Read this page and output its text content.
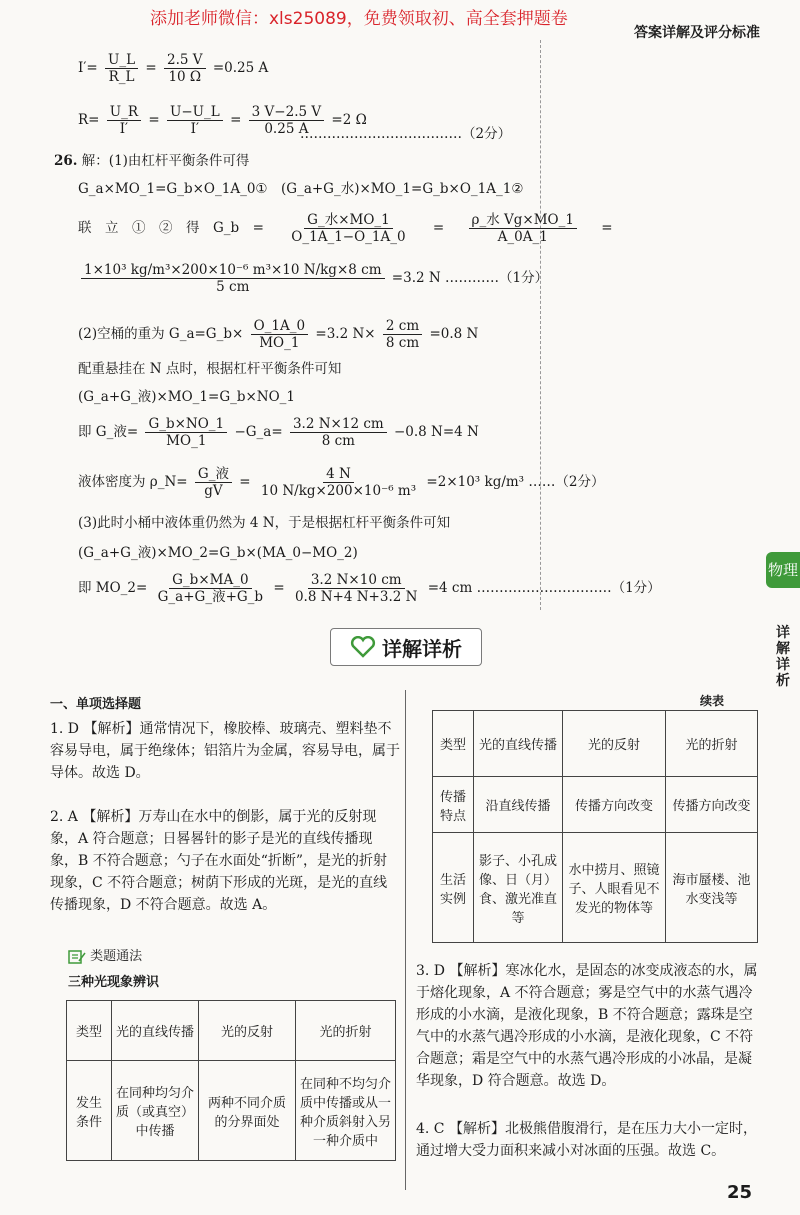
添加老师微信：xls25089，免费领取初、高全套押题卷
答案详解及评分标准
$I'= \frac{U\_L}{R\_L} = \frac{2.5 V}{10 \Omega} =0.25$ A
$R= \frac{U\_R}{I'} = \frac{U-U\_L}{I'} = \frac{3 V-2.5 V}{0.25 A} =2$ Ω
………………………………（2分）
26. 解：(1)由杠杆平衡条件可得
G_a×MO_1=G_b×O_1A_0①　(G_a+G_水)×MO_1=G_b×O_1A_1②
联　立　①　②　得　G_b　= $\frac{\text{G\_水×MO\_1}}{O\_1A\_1-O\_1A\_0} = \frac{\text{ρ\_水 Vg×MO\_1}}{A\_0A\_1}$ =
$\frac{\text{1×10³ kg/m³×200×10⁻⁶ m³×10 N/kg×8 cm}}{5 cm} =3.2$ N …………（1分）
(2)空桶的重为 G_a=G_b× $\frac{O\_1A\_0}{MO\_1} =3.2$ $N\times \frac{2 cm}{8 cm} =0.8$ N
配重悬挂在 N 点时，根据杠杆平衡条件可知
(G_a+G_液)×MO_1=G_b×NO_1
即 G_液= $\frac{G\_b\times NO\_1}{MO\_1}$ −G_a= $\frac{3.2 N\times 12 cm}{8 cm} -0.8$ N=4 N
液体密度为 ρ_N= $\frac{\text{G\_液}}{gV} = \frac{4 N}{\text{10 N/kg×200×10⁻⁶ m³}} =2\times 10^3$ kg/m³ ……（2分）
(3)此时小桶中液体重仍然为 4 N，于是根据杠杆平衡条件可知
(G_a+G_液)×MO_2=G_b×(MA_0−MO_2)
即 MO_2= $\frac{G\_b\times MA\_0}{\text{G\_a+G\_液+G\_b}} = \frac{3.2 N\times 10 cm}{0.8 N+4 N+3.2 N} =4$ cm …………………………（1分）
详解详析
物理
详解详析
一、单项选择题
1. D 【解析】通常情况下，橡胶棒、玻璃壳、塑料垫不容易导电，属于绝缘体；铝箔片为金属，容易导电，属于导体。故选 D。
2. A 【解析】万寿山在水中的倒影，属于光的反射现象，A 符合题意；日晷晷针的影子是光的直线传播现象，B 不符合题意；勺子在水面处“折断”，是光的折射现象，C 不符合题意；树荫下形成的光斑，是光的直线传播现象，D 不符合题意。故选 A。
类题通法
三种光现象辨识
类型	光的直线传播	光的反射	光的折射
发生条件	在同种均匀介质（或真空）中传播	两种不同介质的分界面处	在同种不均匀介质中传播或从一种介质斜射入另一种介质中
续表
类型	光的直线传播	光的反射	光的折射
传播特点	沿直线传播	传播方向改变	传播方向改变
生活实例	影子、小孔成像、日（月）食、激光准直等	水中捞月、照镜子、人眼看见不发光的物体等	海市蜃楼、池水变浅等
3. D 【解析】寒冰化水，是固态的冰变成液态的水，属于熔化现象，A 不符合题意；雾是空气中的水蒸气遇冷形成的小水滴，是液化现象，B 不符合题意；露珠是空气中的水蒸气遇冷形成的小水滴，是液化现象，C 不符合题意；霜是空气中的水蒸气遇冷形成的小冰晶，是凝华现象，D 符合题意。故选 D。
4. C 【解析】北极熊借腹滑行，是在压力大小一定时，通过增大受力面积来减小对冰面的压强。故选 C。
25
